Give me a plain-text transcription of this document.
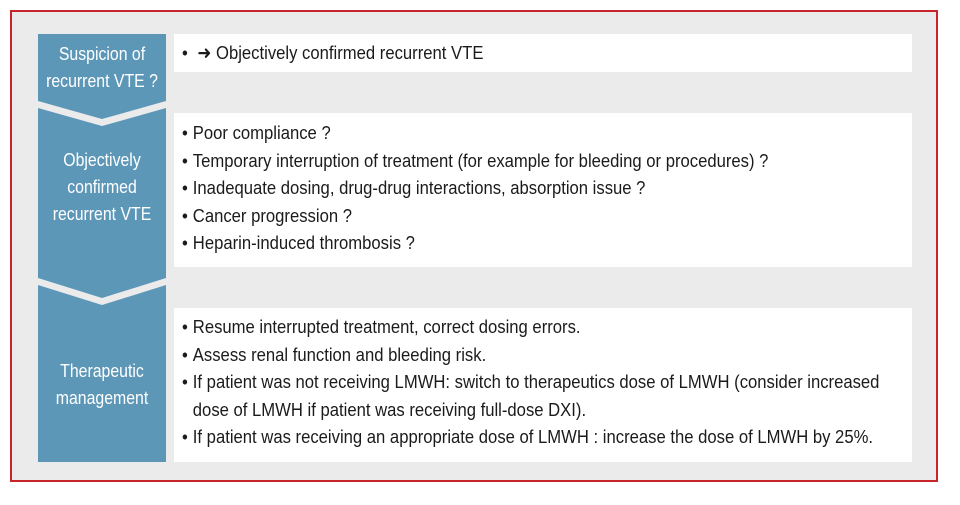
Suspicion of
recurrent VTE ?
• ➜ Objectively confirmed recurrent VTE
Objectively
confirmed
recurrent VTE
• Poor compliance ?
• Temporary interruption of treatment (for example for bleeding or procedures) ?
• Inadequate dosing, drug-drug interactions, absorption issue ?
• Cancer progression ?
• Heparin-induced thrombosis ?
Therapeutic
management
• Resume interrupted treatment, correct dosing errors.
• Assess renal function and bleeding risk.
• If patient was not receiving LMWH: switch to therapeutics dose of LMWH (consider increased dose of LMWH if patient was receiving full-dose DXI).
• If patient was receiving an appropriate dose of LMWH : increase the dose of LMWH by 25%.
